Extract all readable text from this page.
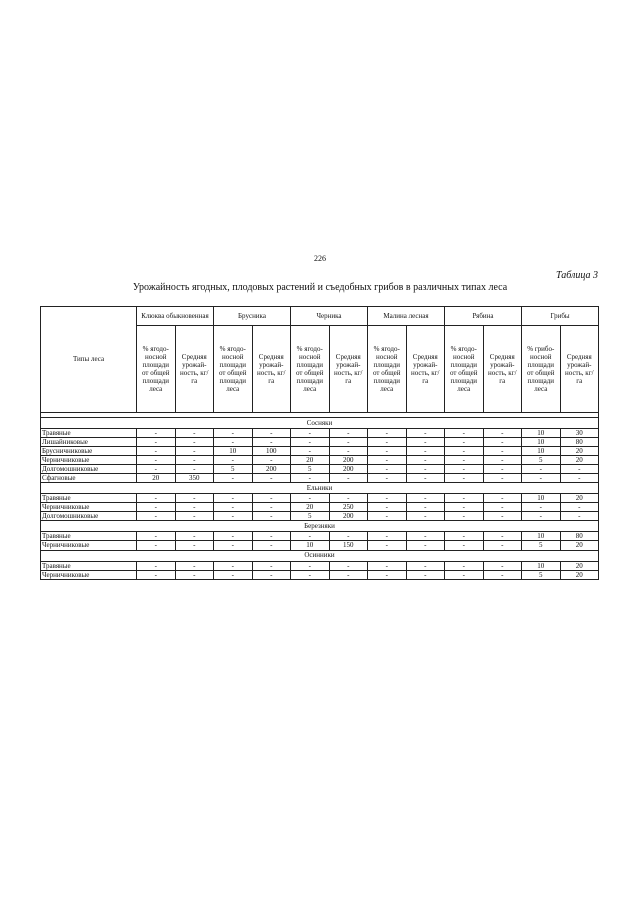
226
Таблица 3
Урожайность ягодных, плодовых растений и съедобных грибов в различных типах леса
Типы леса	Клюква обыкновенная		Брусника		Черника		Малина лесная		Рябина		Грибы	
	% ягодо-носной площади от общей площади леса	Средняя урожай-ность, кг/га	% ягодо-носной площади от общей площади леса	Средняя урожай-ность, кг/га	% ягодо-носной площади от общей площади леса	Средняя урожай-ность, кг/га	% ягодо-носной площади от общей площади леса	Средняя урожай-ность, кг/га	% ягодо-носной площади от общей площади леса	Средняя урожай-ность, кг/га	% грибо-носной площади от общей площади леса	Средняя урожай-ность, кг/га

Сосняки												
Травяные	-	-	-	-	-	-	-	-	-	-	10	30
Лишайниковые	-	-	-	-	-	-	-	-	-	-	10	80
Брусничниковые	-	-	10	100	-	-	-	-	-	-	10	20
Черничниковые	-	-	-	-	20	200	-	-	-	-	5	20
Долгомошниковые	-	-	5	200	5	200	-	-	-	-	-	-
Сфагновые	20	350	-	-	-	-	-	-	-	-	-	-
Ельники												
Травяные	-	-	-	-	-	-	-	-	-	-	10	20
Черничниковые	-	-	-	-	20	250	-	-	-	-	-	-
Долгомошниковые	-	-	-	-	5	200	-	-	-	-	-	-
Березняки												
Травяные	-	-	-	-	-	-	-	-	-	-	10	80
Черничниковые	-	-	-	-	10	150	-	-	-	-	5	20
Осинники												
Травяные	-	-	-	-	-	-	-	-	-	-	10	20
Черничниковые	-	-	-	-	-	-	-	-	-	-	5	20
